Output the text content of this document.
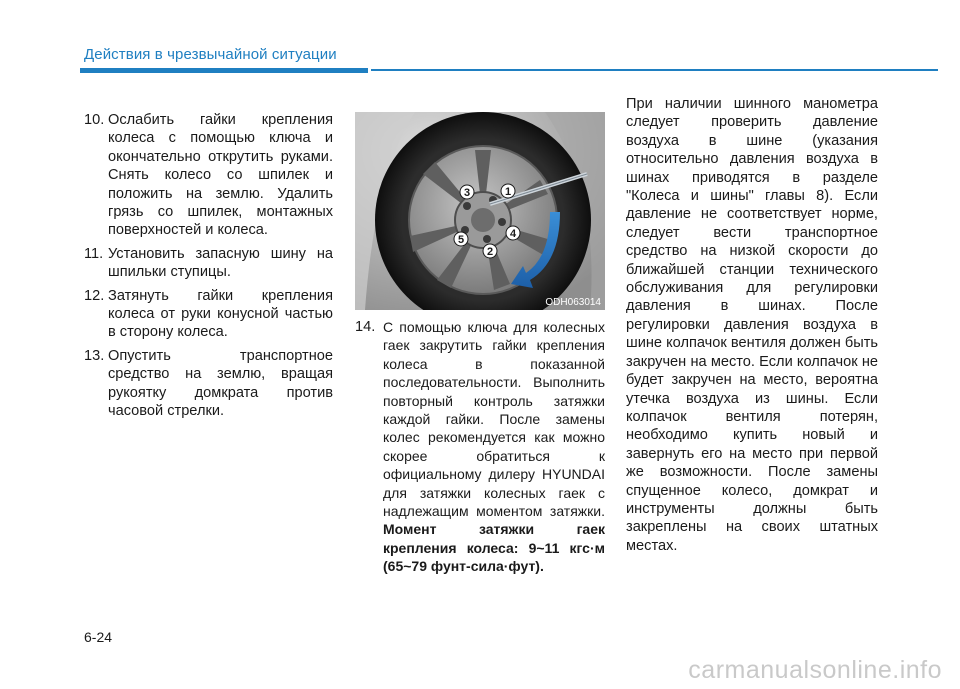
Действия в чрезвычайной ситуации
10. Ослабить гайки крепления колеса с помощью ключа и окончательно открутить руками. Снять колесо со шпилек и положить на землю. Удалить грязь со шпилек, монтажных поверхностей и колеса.
11. Установить запасную шину на шпильки ступицы.
12. Затянуть гайки крепления колеса от руки конусной частью в сторону колеса.
13. Опустить транспортное средство на землю, вращая рукоятку домкрата против часовой стрелки.
1
2
3
4
5
ODH063014
14. С помощью ключа для колесных гаек закрутить гайки крепления колеса в показанной последовательности. Выполнить повторный контроль затяжки каждой гайки. После замены колес рекомендуется как можно скорее обратиться к официальному дилеру HYUNDAI для затяжки колесных гаек с надлежащим моментом затяжки. Момент затяжки гаек крепления колеса: 9~11 кгс·м (65~79 фунт-сила·фут).
При наличии шинного манометра следует проверить давление воздуха в шине (указания относительно давления воздуха в шинах приводятся в разделе "Колеса и шины" главы 8). Если давление не соответствует норме, следует вести транспортное средство на низкой скорости до ближайшей станции технического обслуживания для регулировки давления в шинах. После регулировки давления воздуха в шине колпачок вентиля должен быть закручен на место. Если колпачок не будет закручен на место, вероятна утечка воздуха из шины. Если колпачок вентиля потерян, необходимо купить новый и завернуть его на место при первой же возможности. После замены спущенное колесо, домкрат и инструменты должны быть закреплены на своих штатных местах.
6-24
carmanualsonline.info
